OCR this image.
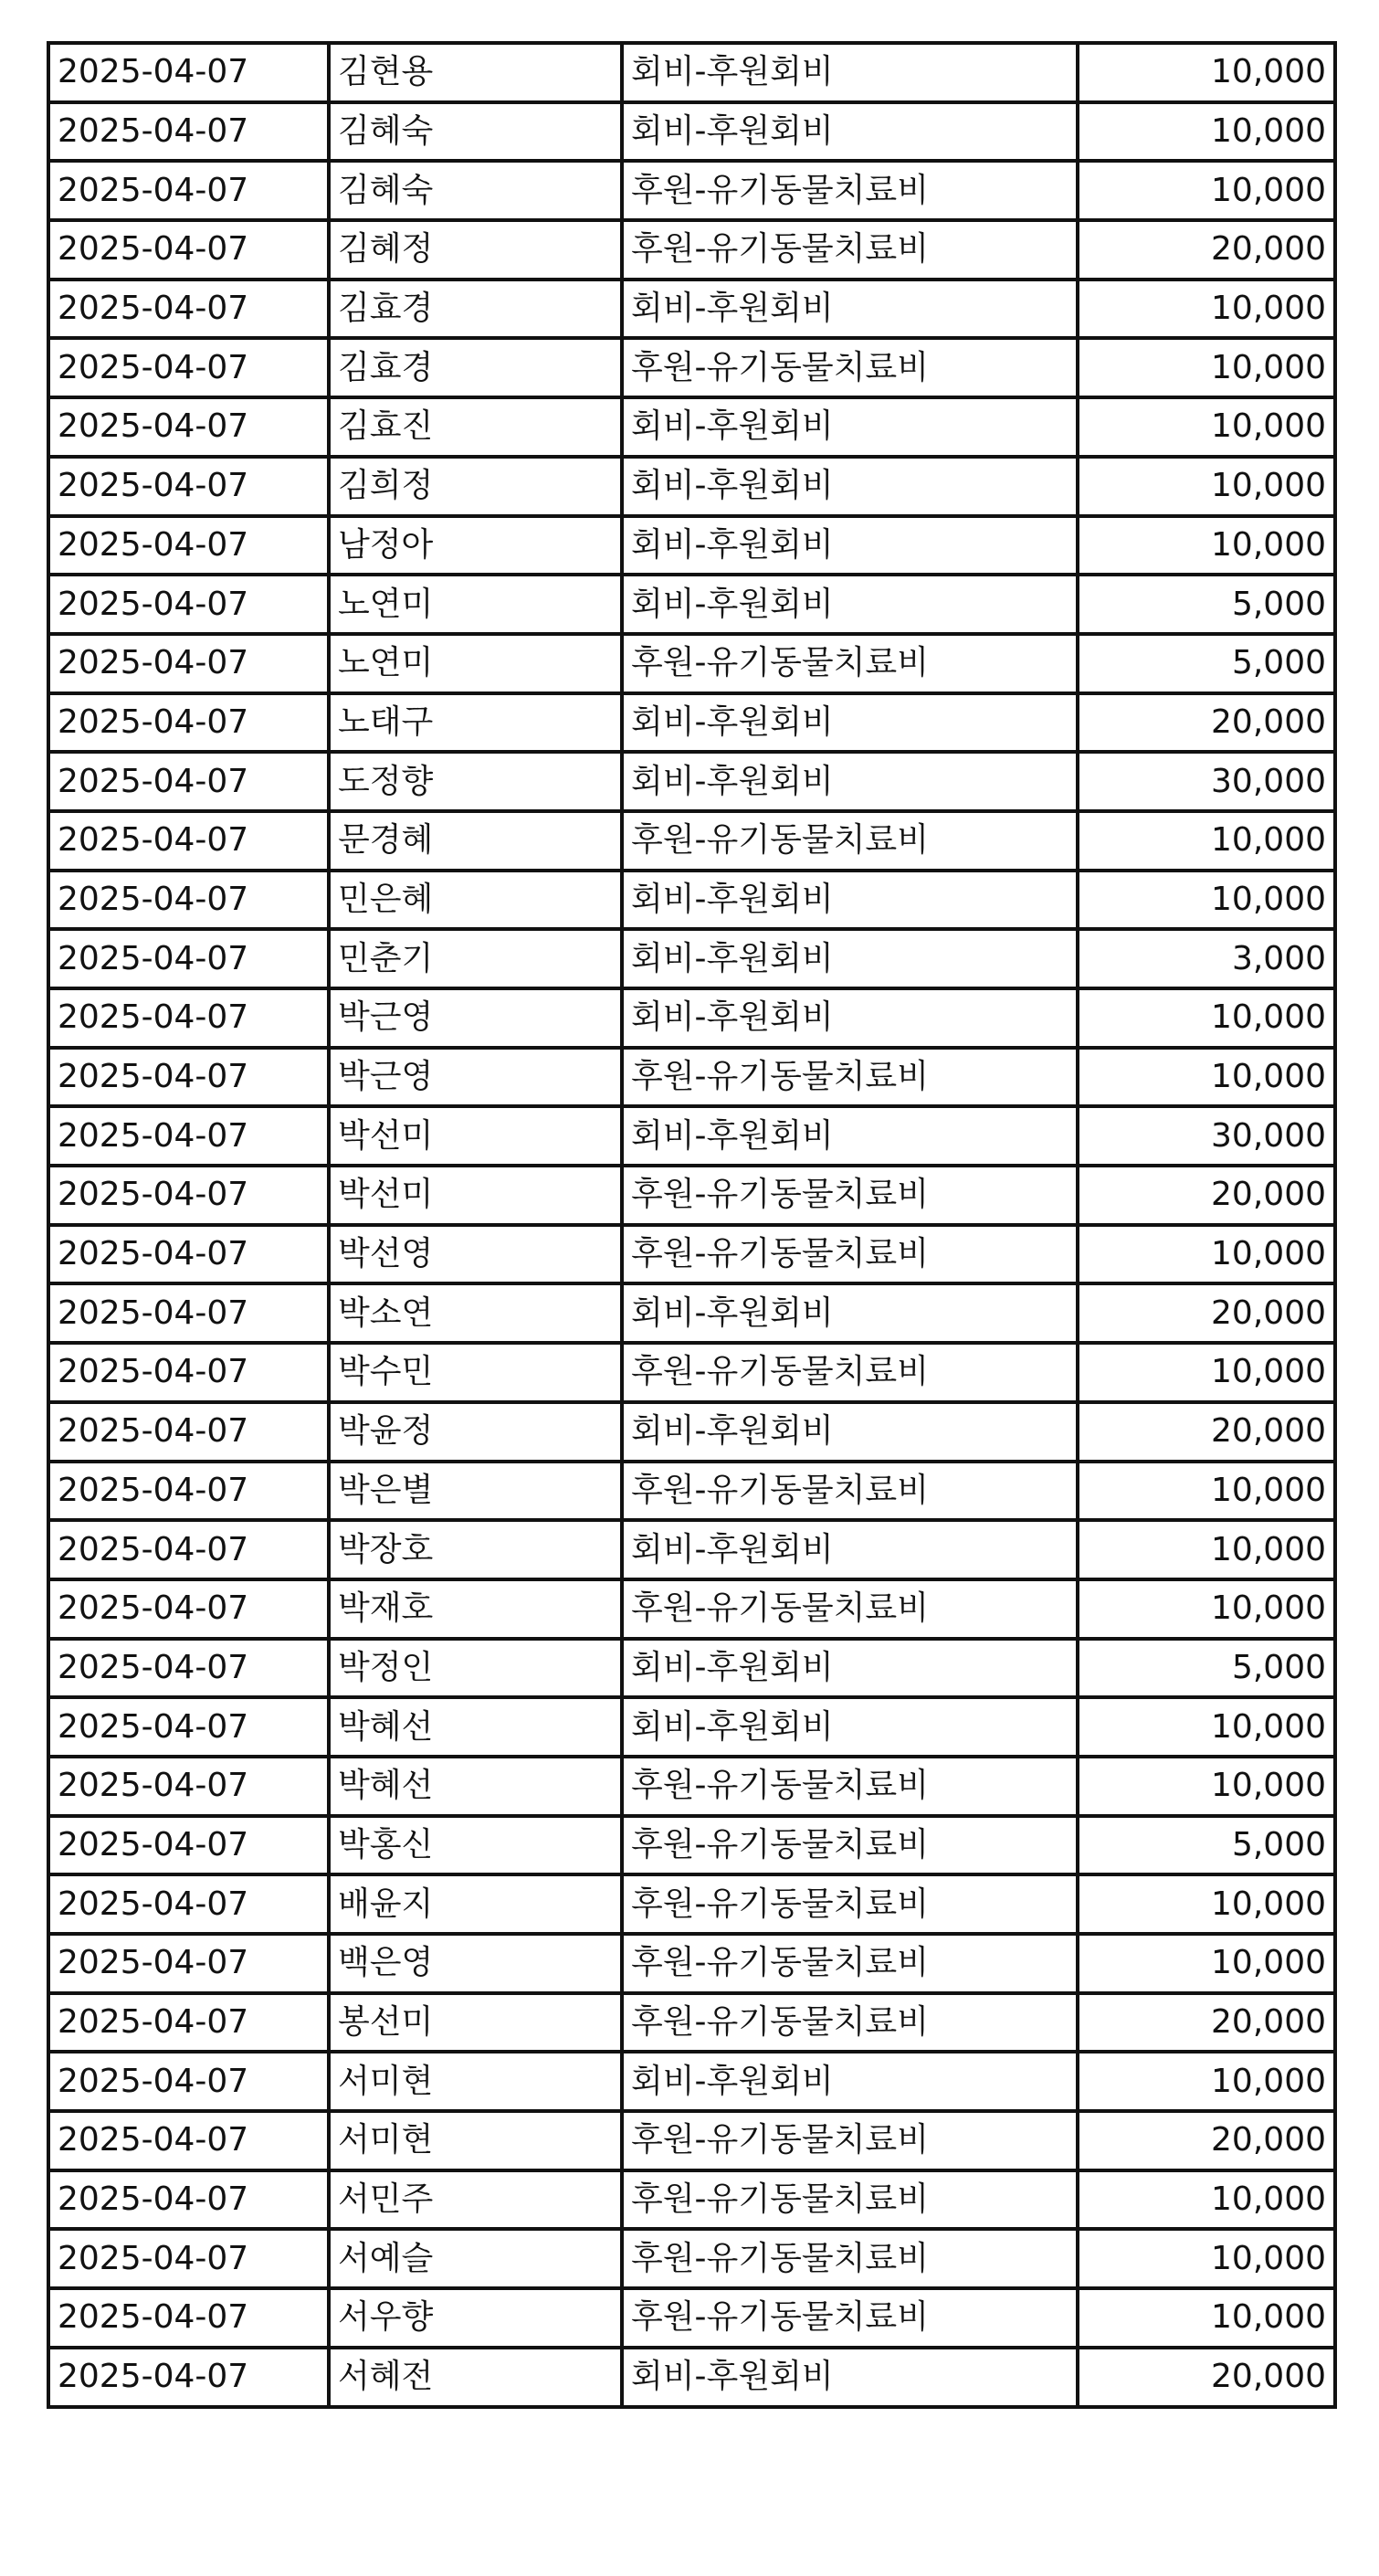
2025-04-07	김현용	회비-후원회비	10,000
2025-04-07	김혜숙	회비-후원회비	10,000
2025-04-07	김혜숙	후원-유기동물치료비	10,000
2025-04-07	김혜정	후원-유기동물치료비	20,000
2025-04-07	김효경	회비-후원회비	10,000
2025-04-07	김효경	후원-유기동물치료비	10,000
2025-04-07	김효진	회비-후원회비	10,000
2025-04-07	김희정	회비-후원회비	10,000
2025-04-07	남정아	회비-후원회비	10,000
2025-04-07	노연미	회비-후원회비	5,000
2025-04-07	노연미	후원-유기동물치료비	5,000
2025-04-07	노태구	회비-후원회비	20,000
2025-04-07	도정향	회비-후원회비	30,000
2025-04-07	문경혜	후원-유기동물치료비	10,000
2025-04-07	민은혜	회비-후원회비	10,000
2025-04-07	민춘기	회비-후원회비	3,000
2025-04-07	박근영	회비-후원회비	10,000
2025-04-07	박근영	후원-유기동물치료비	10,000
2025-04-07	박선미	회비-후원회비	30,000
2025-04-07	박선미	후원-유기동물치료비	20,000
2025-04-07	박선영	후원-유기동물치료비	10,000
2025-04-07	박소연	회비-후원회비	20,000
2025-04-07	박수민	후원-유기동물치료비	10,000
2025-04-07	박윤정	회비-후원회비	20,000
2025-04-07	박은별	후원-유기동물치료비	10,000
2025-04-07	박장호	회비-후원회비	10,000
2025-04-07	박재호	후원-유기동물치료비	10,000
2025-04-07	박정인	회비-후원회비	5,000
2025-04-07	박혜선	회비-후원회비	10,000
2025-04-07	박혜선	후원-유기동물치료비	10,000
2025-04-07	박홍신	후원-유기동물치료비	5,000
2025-04-07	배윤지	후원-유기동물치료비	10,000
2025-04-07	백은영	후원-유기동물치료비	10,000
2025-04-07	봉선미	후원-유기동물치료비	20,000
2025-04-07	서미현	회비-후원회비	10,000
2025-04-07	서미현	후원-유기동물치료비	20,000
2025-04-07	서민주	후원-유기동물치료비	10,000
2025-04-07	서예슬	후원-유기동물치료비	10,000
2025-04-07	서우향	후원-유기동물치료비	10,000
2025-04-07	서혜전	회비-후원회비	20,000
